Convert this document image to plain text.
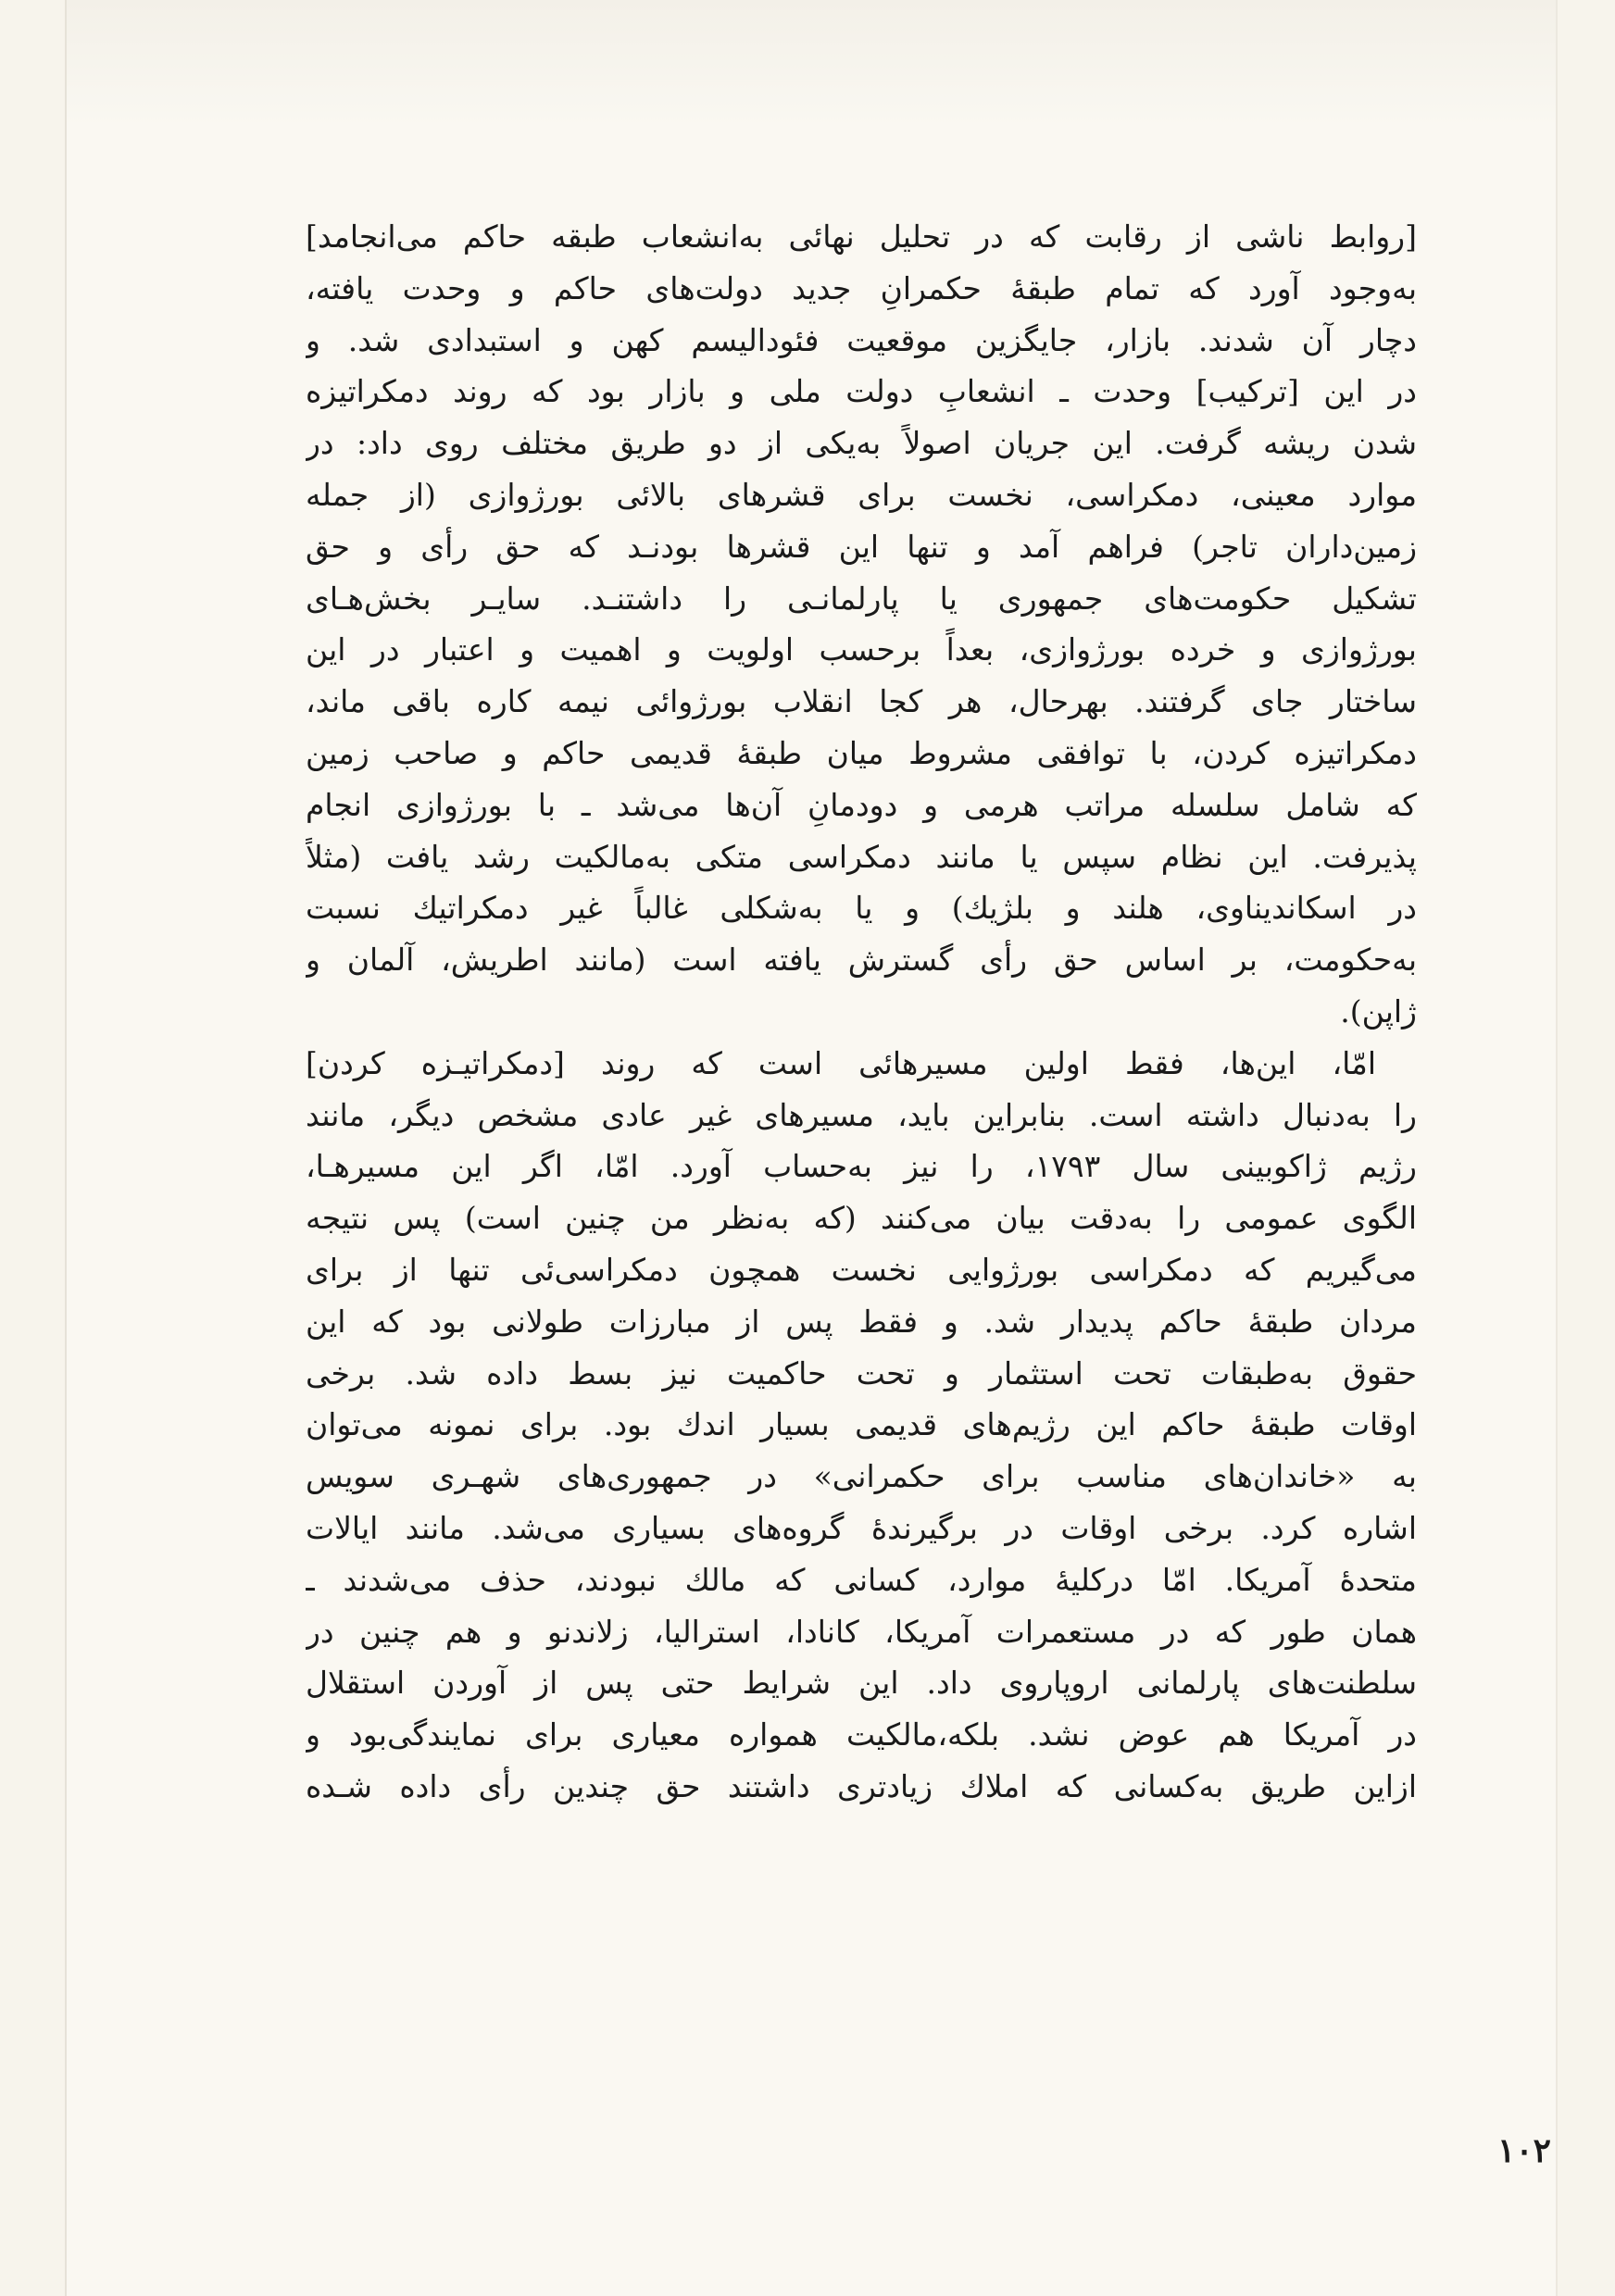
[روابط ناشی از رقابت که در تحلیل نهائی به‌انشعاب طبقه حاکم می‌انجامد]
به‌وجود آورد که تمام طبقهٔ حکمرانِ جدید دولت‌های حاکم و وحدت یافته،
دچار آن شدند. بازار، جایگزین موقعیت فئودالیسم کهن و استبدادی شد. و
در این [ترکیب] وحدت ـ انشعابِ دولت ملی و بازار بود که روند دمکراتیزه
شدن ریشه گرفت. این جریان اصولاً به‌یکی از دو طریق مختلف روی داد: در
موارد معینی، دمکراسی، نخست برای قشرهای بالائی بورژوازی (از جمله
زمین‌داران تاجر) فراهم آمد و تنها این قشرها بودنـد که حق رأی و حق
تشکیل حکومت‌های جمهوری یا پارلمانـی را داشتنـد. سایـر بخش‌هـای
بورژوازی و خرده بورژوازی، بعداً برحسب اولویت و اهمیت و اعتبار در این
ساختار جای گرفتند. بهرحال، هر کجا انقلاب بورژوائی نیمه کاره باقی ماند،
دمکراتیزه کردن، با توافقی مشروط میان طبقهٔ قدیمی حاکم و صاحب زمین
که شامل سلسله مراتب هرمی و دودمانِ آن‌ها می‌شد ـ با بورژوازی انجام
پذیرفت. این نظام سپس یا مانند دمکراسی متکی به‌مالکیت رشد یافت (مثلاً
در اسکاندیناوی، هلند و بلژیك) و یا به‌شکلی غالباً غیر دمکراتیك نسبت
به‌حکومت، بر اساس حق رأی گسترش یافته است (مانند اطریش، آلمان و
ژاپن).
امّا، این‌ها، فقط اولین مسیرهائی است که روند [دمکراتیـزه کردن]
را به‌دنبال داشته است. بنابراین باید، مسیرهای غیر عادی مشخص دیگر، مانند
رژیم ژاکوبینی سال ۱۷۹۳، را نیز به‌حساب آورد. امّا، اگر این مسیرهـا،
الگوی عمومی را به‌دقت بیان می‌کنند (که به‌نظر من چنین است) پس نتیجه
می‌گیریم که دمکراسی بورژوایی نخست همچون دمکراسی‌ئی تنها از برای
مردان طبقهٔ حاکم پدیدار شد. و فقط پس از مبارزات طولانی بود که این
حقوق به‌طبقات تحت استثمار و تحت حاکمیت نیز بسط داده شد. برخی
اوقات طبقهٔ حاکم این رژیم‌های قدیمی بسیار اندك بود. برای نمونه می‌توان
به «خاندان‌های مناسب برای حکمرانی» در جمهوری‌های شهـری سویس
اشاره کرد. برخی اوقات در برگیرندهٔ گروه‌های بسیاری می‌شد. مانند ایالات
متحدهٔ آمریکا. امّا درکلیهٔ موارد، کسانی که مالك نبودند، حذف می‌شدند ـ
همان طور که در مستعمرات آمریکا، کانادا، استرالیا، زلاندنو و هم چنین در
سلطنت‌های پارلمانی اروپاروی داد. این شرایط حتی پس از آوردن استقلال
در آمریکا هم عوض نشد. بلکه،مالکیت همواره معیاری برای نمایندگی‌بود و
ازاین طریق به‌کسانی که املاك زیادتری داشتند حق چندین رأی داده شـده
۱۰۲
